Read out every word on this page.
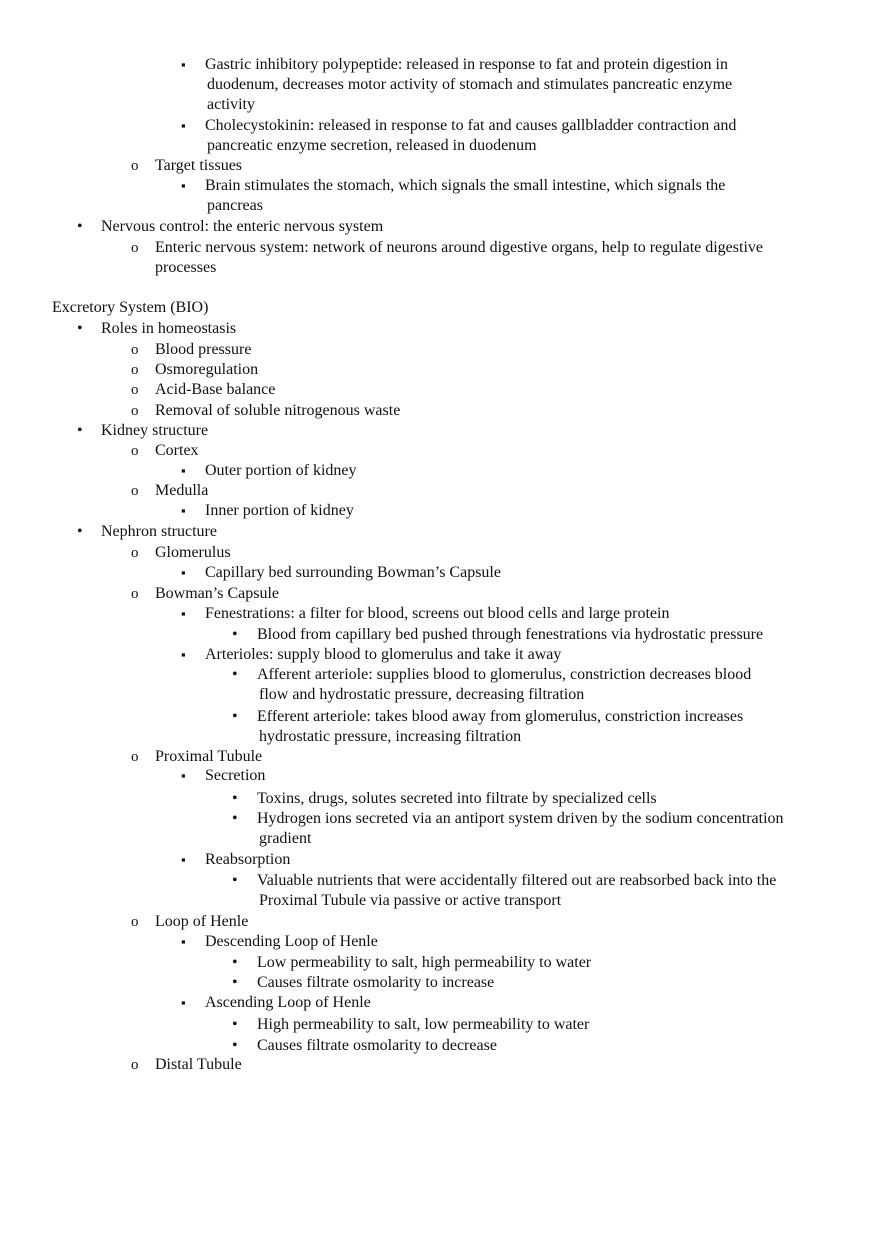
▪ Gastric inhibitory polypeptide: released in response to fat and protein digestion in
duodenum, decreases motor activity of stomach and stimulates pancreatic enzyme
activity
▪ Cholecystokinin: released in response to fat and causes gallbladder contraction and
pancreatic enzyme secretion, released in duodenum
o Target tissues
▪ Brain stimulates the stomach, which signals the small intestine, which signals the
pancreas
• Nervous control: the enteric nervous system
o Enteric nervous system: network of neurons around digestive organs, help to regulate digestive
processes
Excretory System (BIO)
• Roles in homeostasis
o Blood pressure
o Osmoregulation
o Acid-Base balance
o Removal of soluble nitrogenous waste
• Kidney structure
o Cortex
▪ Outer portion of kidney
o Medulla
▪ Inner portion of kidney
• Nephron structure
o Glomerulus
▪ Capillary bed surrounding Bowman’s Capsule
o Bowman’s Capsule
▪ Fenestrations: a filter for blood, screens out blood cells and large protein
• Blood from capillary bed pushed through fenestrations via hydrostatic pressure
▪ Arterioles: supply blood to glomerulus and take it away
• Afferent arteriole: supplies blood to glomerulus, constriction decreases blood
flow and hydrostatic pressure, decreasing filtration
• Efferent arteriole: takes blood away from glomerulus, constriction increases
hydrostatic pressure, increasing filtration
o Proximal Tubule
▪ Secretion
• Toxins, drugs, solutes secreted into filtrate by specialized cells
• Hydrogen ions secreted via an antiport system driven by the sodium concentration
gradient
▪ Reabsorption
• Valuable nutrients that were accidentally filtered out are reabsorbed back into the
Proximal Tubule via passive or active transport
o Loop of Henle
▪ Descending Loop of Henle
• Low permeability to salt, high permeability to water
• Causes filtrate osmolarity to increase
▪ Ascending Loop of Henle
• High permeability to salt, low permeability to water
• Causes filtrate osmolarity to decrease
o Distal Tubule
